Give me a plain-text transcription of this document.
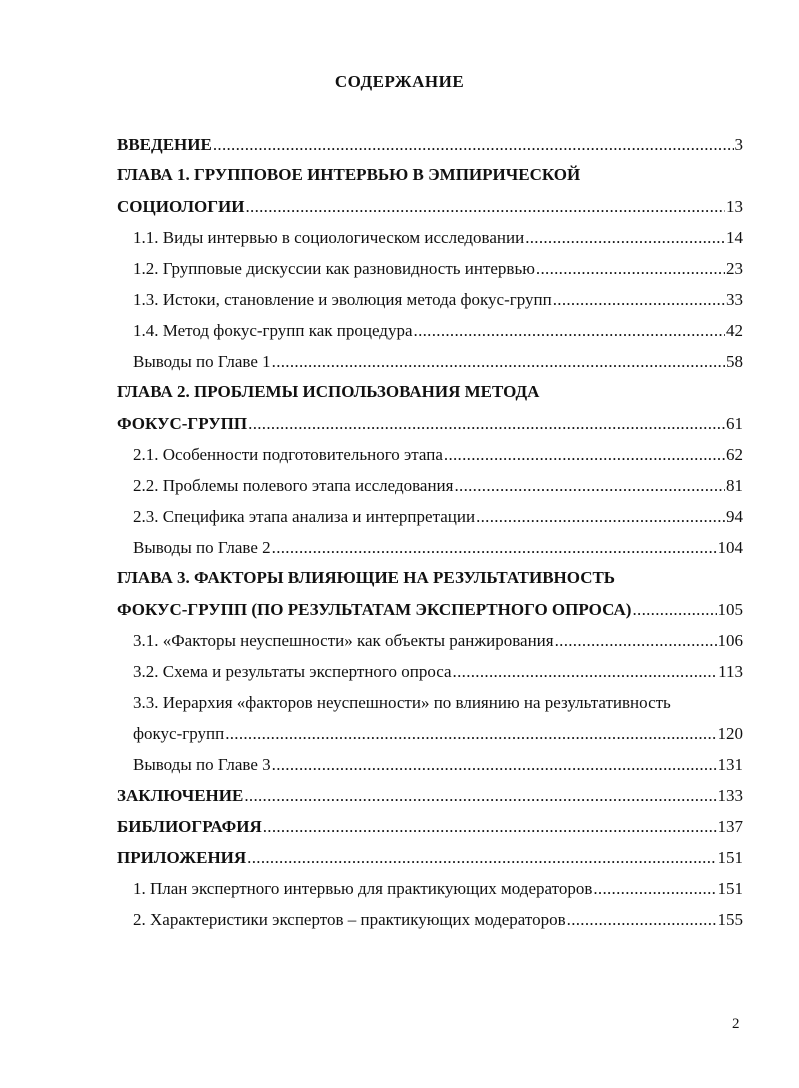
СОДЕРЖАНИЕ
ВВЕДЕНИЕ .....	3
ГЛАВА 1. ГРУППОВОЕ ИНТЕРВЬЮ В ЭМПИРИЧЕСКОЙ
СОЦИОЛОГИИ .....	13
1.1. Виды интервью в социологическом исследовании .....	14
1.2. Групповые дискуссии как разновидность интервью .....	23
1.3. Истоки, становление и эволюция метода фокус-групп .....	33
1.4. Метод фокус-групп как процедура .....	42
Выводы по Главе 1 .....	58
ГЛАВА 2. ПРОБЛЕМЫ ИСПОЛЬЗОВАНИЯ МЕТОДА
ФОКУС-ГРУПП .....	61
2.1. Особенности подготовительного этапа .....	62
2.2. Проблемы полевого этапа исследования .....	81
2.3. Специфика этапа анализа и интерпретации .....	94
Выводы по Главе 2 .....	104
ГЛАВА 3. ФАКТОРЫ ВЛИЯЮЩИЕ НА РЕЗУЛЬТАТИВНОСТЬ
ФОКУС-ГРУПП (ПО РЕЗУЛЬТАТАМ ЭКСПЕРТНОГО ОПРОСА) .....	105
3.1. «Факторы неуспешности» как объекты ранжирования .....	106
3.2. Схема и результаты экспертного опроса .....	113
3.3. Иерархия «факторов неуспешности» по влиянию на результативность
фокус-групп .....	120
Выводы по Главе 3 .....	131
ЗАКЛЮЧЕНИЕ .....	133
БИБЛИОГРАФИЯ .....	137
ПРИЛОЖЕНИЯ .....	151
1. План экспертного интервью для практикующих модераторов .....	151
2. Характеристики экспертов – практикующих модераторов .....	155
2
